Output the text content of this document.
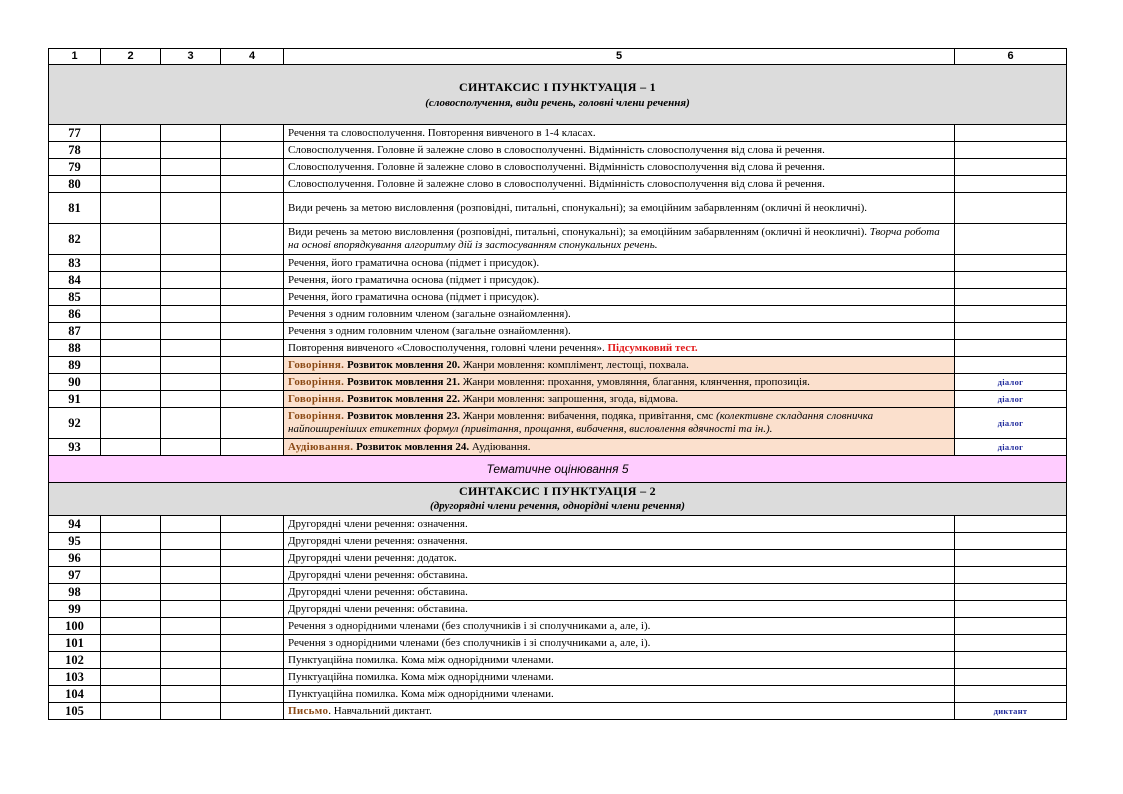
1	2	3	4	5	6

СИНТАКСИС І ПУНКТУАЦІЯ – 1
(словосполучення, види речень, головні члени речення)					

77				Речення та словосполучення. Повторення вивченого в 1-4 класах.	
78				Словосполучення. Головне й залежне слово в словосполученні. Відмінність словосполучення від слова й речення.	
79				Словосполучення. Головне й залежне слово в словосполученні. Відмінність словосполучення від слова й речення.	
80				Словосполучення. Головне й залежне слово в словосполученні. Відмінність словосполучення від слова й речення.	
81				Види речень за метою висловлення (розповідні, питальні, спонукальні); за емоційним забарвленням (окличні й неокличні).	
82				Види речень за метою висловлення (розповідні, питальні, спонукальні); за емоційним забарвленням (окличні й неокличні). Творча робота на основі впорядкування алгоритму дій із застосуванням спонукальних речень.	
83				Речення, його граматична основа (підмет і присудок).	
84				Речення, його граматична основа (підмет і присудок).	
85				Речення, його граматична основа (підмет і присудок).	
86				Речення з одним головним членом (загальне ознайомлення).	
87				Речення з одним головним членом (загальне ознайомлення).	
88				Повторення вивченого «Словосполучення, головні члени речення». Підсумковий тест.	
89				Говоріння. Розвиток мовлення 20. Жанри мовлення: комплімент, лестощі, похвала.	
90				Говоріння. Розвиток мовлення 21. Жанри мовлення: прохання, умовляння, благання, клянчення, пропозиція.	діалог
91				Говоріння. Розвиток мовлення 22. Жанри мовлення: запрошення, згода, відмова.	діалог
92				Говоріння. Розвиток мовлення 23. Жанри мовлення: вибачення, подяка, привітання, смс (колективне складання словничка найпоширеніших етикетних формул (привітання, прощання, вибачення, висловлення вдячності та ін.).	діалог
93				Аудіювання. Розвиток мовлення 24. Аудіювання.	діалог
Тематичне оцінювання 5					

СИНТАКСИС І ПУНКТУАЦІЯ – 2
(другорядні члени речення, однорідні члени речення)					

94				Другорядні члени речення: означення.	
95				Другорядні члени речення: означення.	
96				Другорядні члени речення: додаток.	
97				Другорядні члени речення: обставина.	
98				Другорядні члени речення: обставина.	
99				Другорядні члени речення: обставина.	
100				Речення з однорідними членами (без сполучників і зі сполучниками а, але, і).	
101				Речення з однорідними членами (без сполучників і зі сполучниками а, але, і).	
102				Пунктуаційна помилка. Кома між однорідними членами.	
103				Пунктуаційна помилка. Кома між однорідними членами.	
104				Пунктуаційна помилка. Кома між однорідними членами.	
105				Письмо. Навчальний диктант.	диктант
